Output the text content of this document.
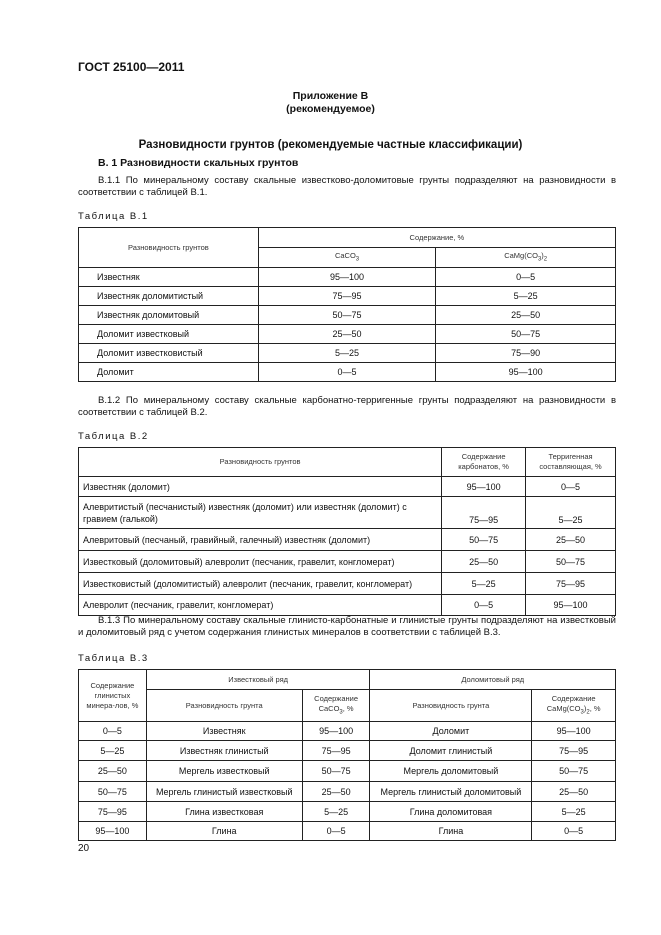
ГОСТ 25100—2011
Приложение В
(рекомендуемое)
Разновидности грунтов (рекомендуемые частные классификации)
В. 1 Разновидности скальных грунтов
В.1.1 По минеральному составу скальные известково-доломитовые грунты подразделяют на разновидности в соответствии с таблицей В.1.
Таблица В.1
Разновидность грунтов	Содержание, %	
	CaCO$_3$	$CaMg(CO_3)_2$
Известняк	95—100	0—5
Известняк доломитистый	75—95	5—25
Известняк доломитовый	50—75	25—50
Доломит известковый	25—50	50—75
Доломит известковистый	5—25	75—90
Доломит	0—5	95—100
В.1.2 По минеральному составу скальные карбонатно-терригенные грунты подразделяют на разновидности в соответствии с таблицей В.2.
Таблица В.2
Разновидность грунтов	Содержание карбонатов, %	Терригенная составляющая, %
Известняк (доломит)	95—100	0—5
Алевритистый (песчанистый) известняк (доломит) или известняк (доломит) с гравием (галькой)	75—95	5—25
Алевритовый (песчаный, гравийный, галечный) известняк (доломит)	50—75	25—50
Известковый (доломитовый) алевролит (песчаник, гравелит, конгломерат)	25—50	50—75
Известковистый (доломитистый) алевролит (песчаник, гравелит, конгломерат)	5—25	75—95
Алевролит (песчаник, гравелит, конгломерат)	0—5	95—100
В.1.3 По минеральному составу скальные глинисто-карбонатные и глинистые грунты подразделяют на известковый и доломитовый ряд с учетом содержания глинистых минералов в соответствии с таблицей В.3.
Таблица В.3
Содержание глинистых минера-лов, %	Известковый ряд		Доломитовый ряд	
	Разновидность грунта	Содержание CaCO$_3$, %	Разновидность грунта	Содержание $CaMg(CO_3)_2$, %
0—5	Известняк	95—100	Доломит	95—100
5—25	Известняк глинистый	75—95	Доломит глинистый	75—95
25—50	Мергель известковый	50—75	Мергель доломитовый	50—75
50—75	Мергель глинистый известковый	25—50	Мергель глинистый доломитовый	25—50
75—95	Глина известковая	5—25	Глина доломитовая	5—25
95—100	Глина	0—5	Глина	0—5
20
